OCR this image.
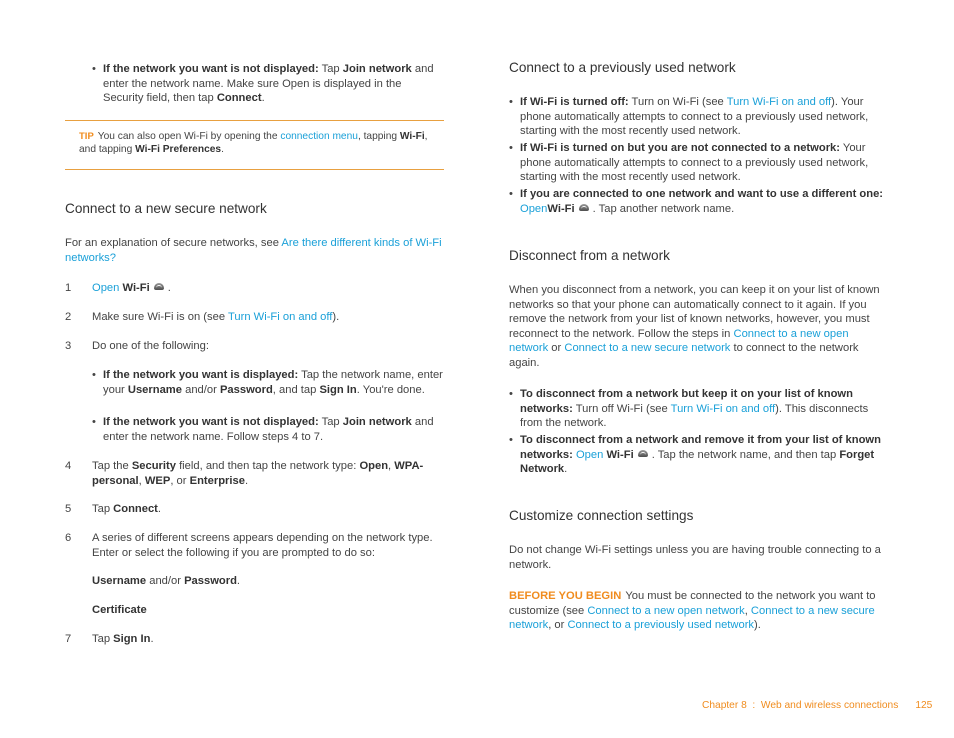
• If the network you want is not displayed: Tap Join network and enter the network name. Make sure Open is displayed in the Security field, then tap Connect.
TIP You can also open Wi-Fi by opening the connection menu, tapping Wi-Fi, and tapping Wi-Fi Preferences.
Connect to a new secure network

For an explanation of secure networks, see Are there different kinds of Wi-Fi networks?

1 Open Wi-Fi .
2 Make sure Wi-Fi is on (see Turn Wi-Fi on and off).
3 Do one of the following:
• If the network you want is displayed: Tap the network name, enter your Username and/or Password, and tap Sign In. You're done.
• If the network you want is not displayed: Tap Join network and enter the network name. Follow steps 4 to 7.
4 Tap the Security field, and then tap the network type: Open, WPA-personal, WEP, or Enterprise.
5 Tap Connect.
6 A series of different screens appears depending on the network type. Enter or select the following if you are prompted to do so:
Username and/or Password.
Certificate
7 Tap Sign In.
Connect to a previously used network
• If Wi-Fi is turned off: Turn on Wi-Fi (see Turn Wi-Fi on and off). Your phone automatically attempts to connect to a previously used network, starting with the most recently used network.
• If Wi-Fi is turned on but you are not connected to a network: Your phone automatically attempts to connect to a previously used network, starting with the most recently used network.
• If you are connected to one network and want to use a different one:
OpenWi-Fi . Tap another network name.
Disconnect from a network

When you disconnect from a network, you can keep it on your list of known networks so that your phone can automatically connect to it again. If you remove the network from your list of known networks, however, you must reconnect to the network. Follow the steps in Connect to a new open network or Connect to a new secure network to connect to the network again.

• To disconnect from a network but keep it on your list of known networks: Turn off Wi-Fi (see Turn Wi-Fi on and off). This disconnects from the network.
• To disconnect from a network and remove it from your list of known networks: Open Wi-Fi . Tap the network name, and then tap Forget Network.
Customize connection settings

Do not change Wi-Fi settings unless you are having trouble connecting to a network.

BEFORE YOU BEGIN You must be connected to the network you want to customize (see Connect to a new open network, Connect to a new secure network, or Connect to a previously used network).

Chapter 8  :  Web and wireless connections 125
